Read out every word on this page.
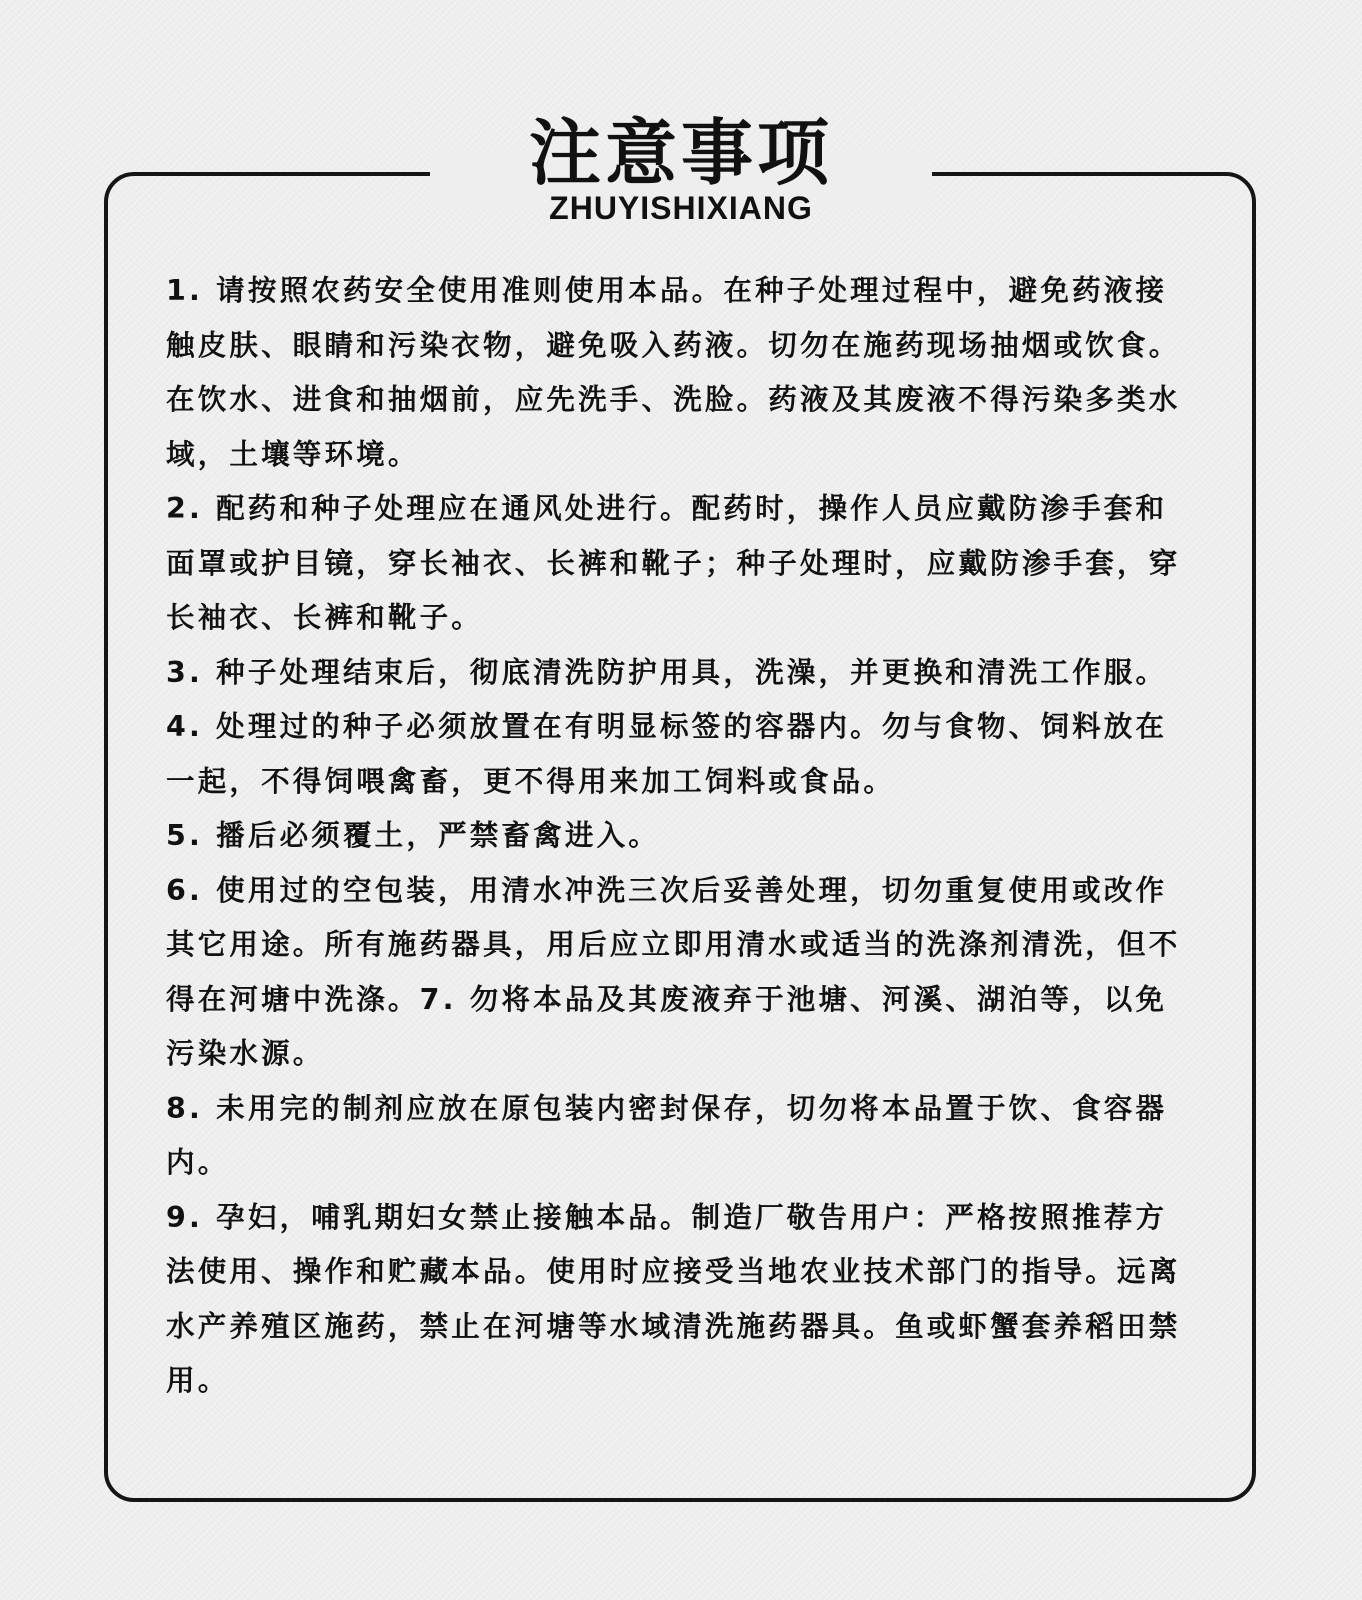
注意事项
ZHUYISHIXIANG

1. 请按照农药安全使用准则使用本品。在种子处理过程中，避免药液接触皮肤、眼睛和污染衣物，避免吸入药液。切勿在施药现场抽烟或饮食。在饮水、进食和抽烟前，应先洗手、洗脸。药液及其废液不得污染多类水域，土壤等环境。

2. 配药和种子处理应在通风处进行。配药时，操作人员应戴防渗手套和面罩或护目镜，穿长袖衣、长裤和靴子；种子处理时，应戴防渗手套，穿长袖衣、长裤和靴子。

3. 种子处理结束后，彻底清洗防护用具，洗澡，并更换和清洗工作服。

4. 处理过的种子必须放置在有明显标签的容器内。勿与食物、饲料放在一起，不得饲喂禽畜，更不得用来加工饲料或食品。

5. 播后必须覆土，严禁畜禽进入。

6. 使用过的空包装，用清水冲洗三次后妥善处理，切勿重复使用或改作其它用途。所有施药器具，用后应立即用清水或适当的洗涤剂清洗，但不得在河塘中洗涤。7. 勿将本品及其废液弃于池塘、河溪、湖泊等，以免污染水源。

8. 未用完的制剂应放在原包装内密封保存，切勿将本品置于饮、食容器内。

9. 孕妇，哺乳期妇女禁止接触本品。制造厂敬告用户：严格按照推荐方法使用、操作和贮藏本品。使用时应接受当地农业技术部门的指导。远离水产养殖区施药，禁止在河塘等水域清洗施药器具。鱼或虾蟹套养稻田禁用。
